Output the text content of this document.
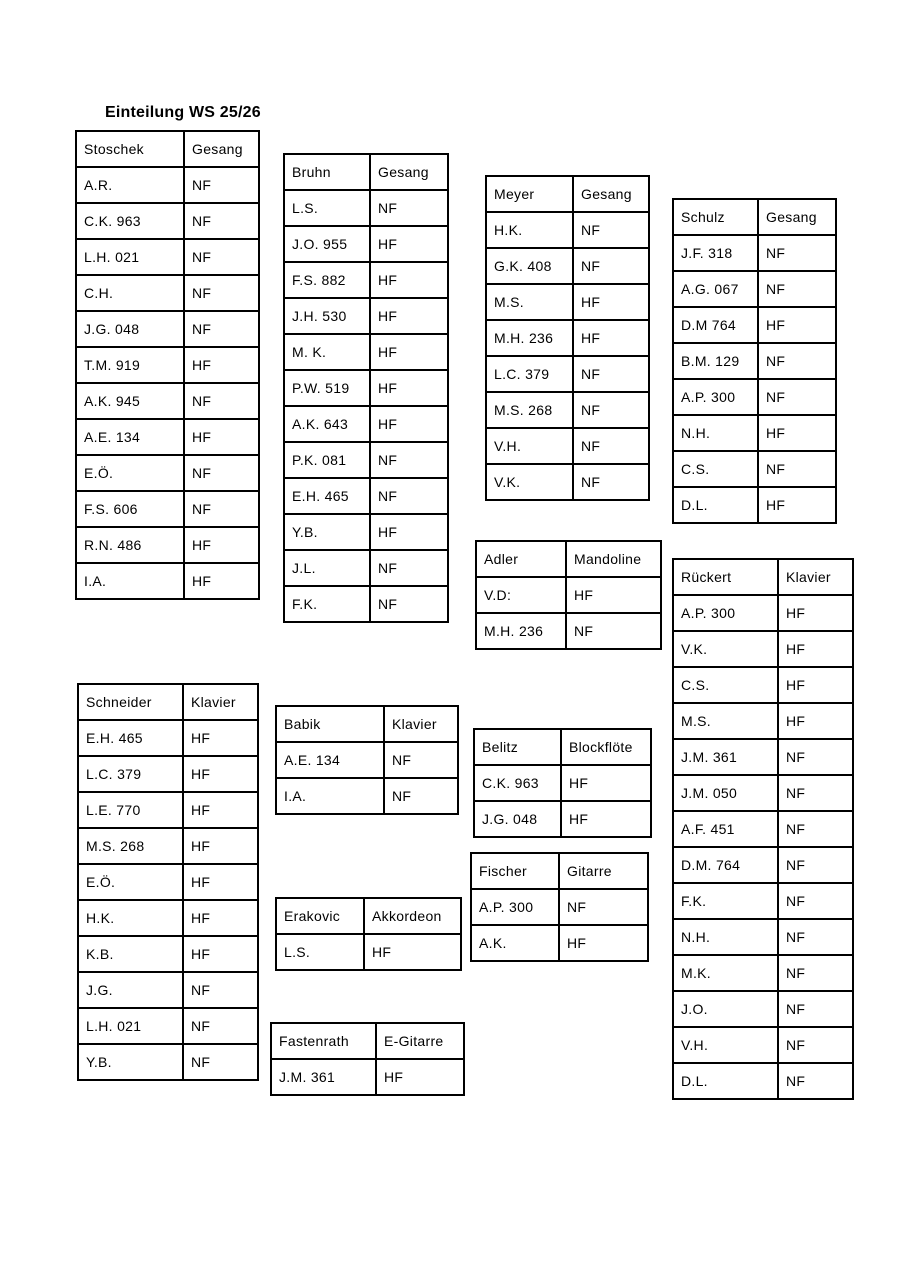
Einteilung WS 25/26
Stoschek	Gesang
A.R.	NF
C.K. 963	NF
L.H. 021	NF
C.H.	NF
J.G. 048	NF
T.M. 919	HF
A.K. 945	NF
A.E. 134	HF
E.Ö.	NF
F.S. 606	NF
R.N. 486	HF
I.A.	HF
Bruhn	Gesang
L.S.	NF
J.O. 955	HF
F.S. 882	HF
J.H. 530	HF
M. K.	HF
P.W. 519	HF
A.K. 643	HF
P.K. 081	NF
E.H. 465	NF
Y.B.	HF
J.L.	NF
F.K.	NF
Meyer	Gesang
H.K.	NF
G.K. 408	NF
M.S.	HF
M.H. 236	HF
L.C. 379	NF
M.S. 268	NF
V.H.	NF
V.K.	NF
Schulz	Gesang
J.F. 318	NF
A.G. 067	NF
D.M 764	HF
B.M. 129	NF
A.P. 300	NF
N.H.	HF
C.S.	NF
D.L.	HF
Adler	Mandoline
V.D:	HF
M.H. 236	NF
Rückert	Klavier
A.P. 300	HF
V.K.	HF
C.S.	HF
M.S.	HF
J.M. 361	NF
J.M. 050	NF
A.F. 451	NF
D.M. 764	NF
F.K.	NF
N.H.	NF
M.K.	NF
J.O.	NF
V.H.	NF
D.L.	NF
Schneider	Klavier
E.H. 465	HF
L.C. 379	HF
L.E. 770	HF
M.S. 268	HF
E.Ö.	HF
H.K.	HF
K.B.	HF
J.G.	NF
L.H. 021	NF
Y.B.	NF
Babik	Klavier
A.E. 134	NF
I.A.	NF
Belitz	Blockflöte
C.K. 963	HF
J.G. 048	HF
Fischer	Gitarre
A.P. 300	NF
A.K.	HF
Erakovic	Akkordeon
L.S.	HF
Fastenrath	E-Gitarre
J.M. 361	HF
